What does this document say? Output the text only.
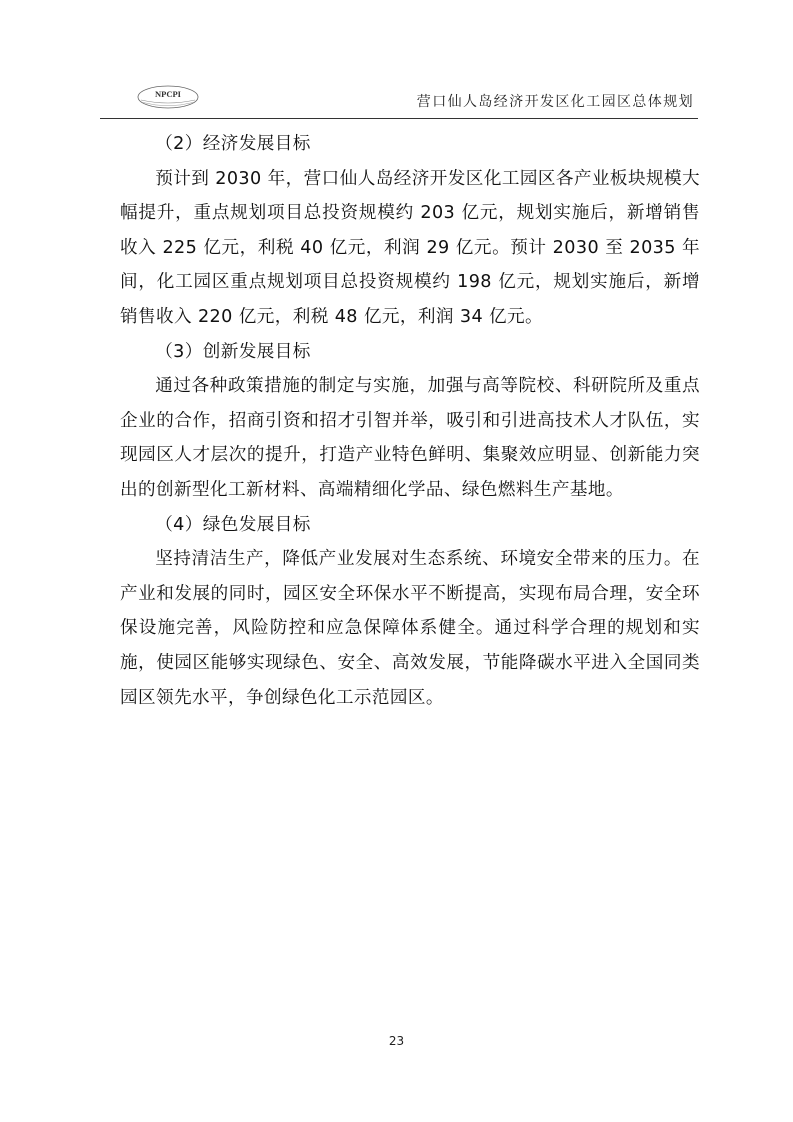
NPCPI	营口仙人岛经济开发区化工园区总体规划

（2）经济发展目标

预计到 2030 年，营口仙人岛经济开发区化工园区各产业板块规模大幅提升，重点规划项目总投资规模约 203 亿元，规划实施后，新增销售收入 225 亿元，利税 40 亿元，利润 29 亿元。预计 2030 至 2035 年间，化工园区重点规划项目总投资规模约 198 亿元，规划实施后，新增销售收入 220 亿元，利税 48 亿元，利润 34 亿元。

（3）创新发展目标

通过各种政策措施的制定与实施，加强与高等院校、科研院所及重点企业的合作，招商引资和招才引智并举，吸引和引进高技术人才队伍，实现园区人才层次的提升，打造产业特色鲜明、集聚效应明显、创新能力突出的创新型化工新材料、高端精细化学品、绿色燃料生产基地。

（4）绿色发展目标

坚持清洁生产，降低产业发展对生态系统、环境安全带来的压力。在产业和发展的同时，园区安全环保水平不断提高，实现布局合理，安全环保设施完善，风险防控和应急保障体系健全。通过科学合理的规划和实施，使园区能够实现绿色、安全、高效发展，节能降碳水平进入全国同类园区领先水平，争创绿色化工示范园区。

23
